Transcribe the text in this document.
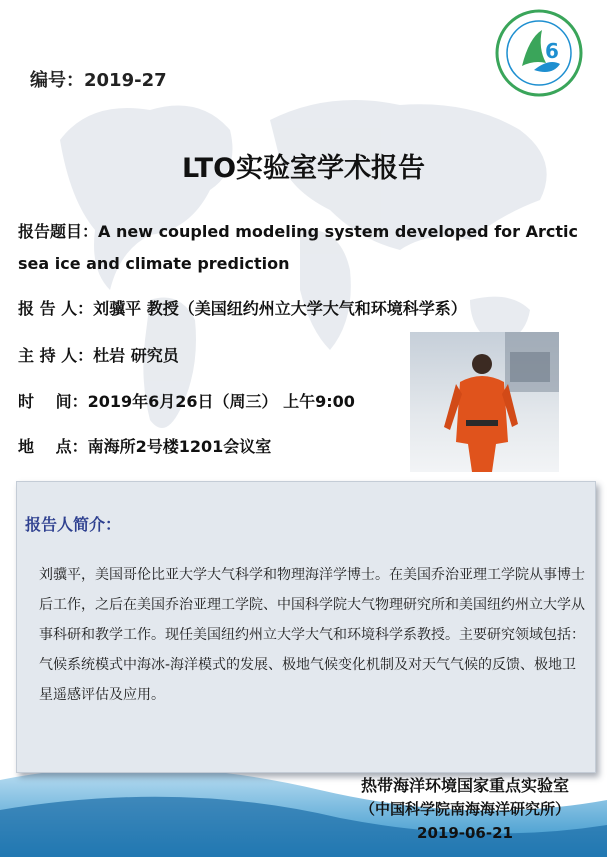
6
编号：2019-27
LTO实验室学术报告
报告题目：A new coupled modeling system developed for Arctic sea ice and climate prediction
报 告 人：刘骥平 教授（美国纽约州立大学大气和环境科学系）
主 持 人：杜岩 研究员
时　 间：2019年6月26日（周三） 上午9:00
地　 点：南海所2号楼1201会议室
报告人简介：
刘骥平，美国哥伦比亚大学大气科学和物理海洋学博士。在美国乔治亚理工学院从事博士后工作，之后在美国乔治亚理工学院、中国科学院大气物理研究所和美国纽约州立大学从事科研和教学工作。现任美国纽约州立大学大气和环境科学系教授。主要研究领域包括：气候系统模式中海冰-海洋模式的发展、极地气候变化机制及对天气气候的反馈、极地卫星遥感评估及应用。
热带海洋环境国家重点实验室
（中国科学院南海海洋研究所）
2019-06-21
